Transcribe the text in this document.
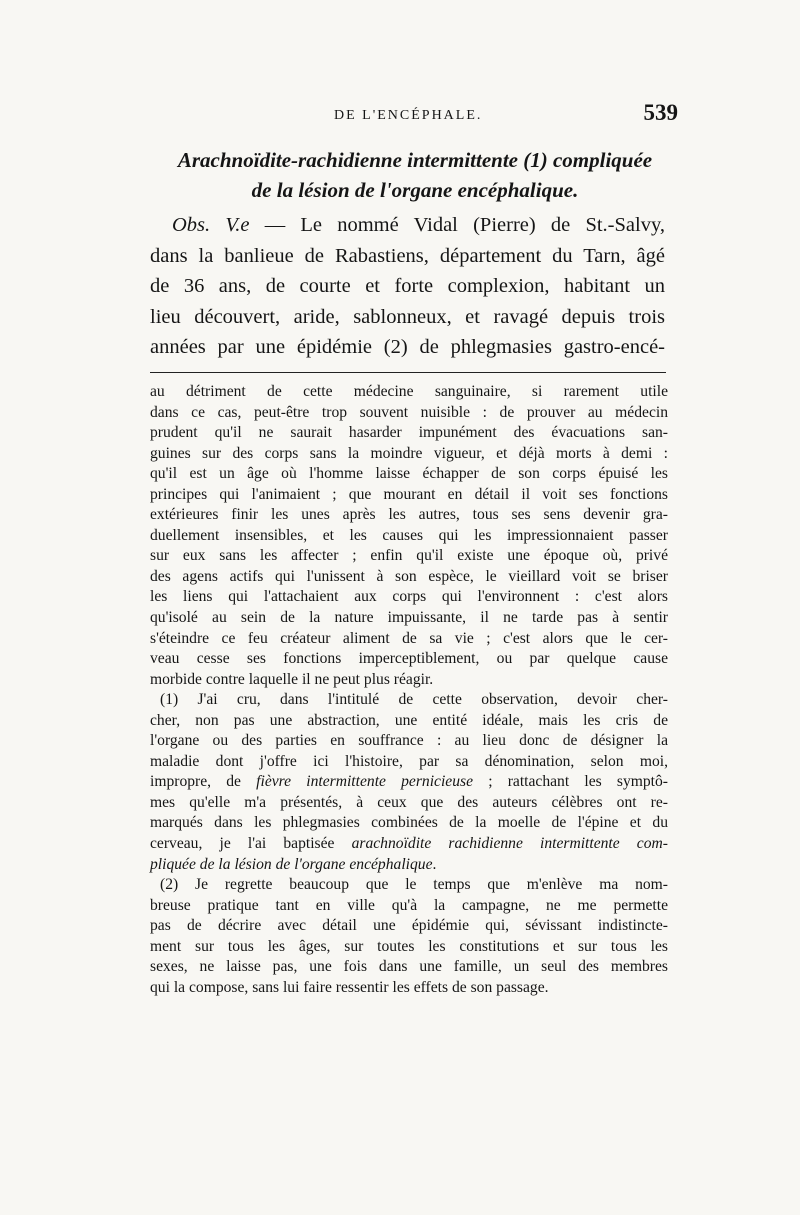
DE L'ENCÉPHALE.	539
Arachnoïdite-rachidienne intermittente (1) compliquée
de la lésion de l'organe encéphalique.
Obs. V.e — Le nommé Vidal (Pierre) de St.-Salvy,
dans la banlieue de Rabastiens, département du Tarn, âgé
de 36 ans, de courte et forte complexion, habitant un
lieu découvert, aride, sablonneux, et ravagé depuis trois
années par une épidémie (2) de phlegmasies gastro-encé-
au détriment de cette médecine sanguinaire, si rarement utile
dans ce cas, peut-être trop souvent nuisible : de prouver au médecin
prudent qu'il ne saurait hasarder impunément des évacuations san-
guines sur des corps sans la moindre vigueur, et déjà morts à demi :
qu'il est un âge où l'homme laisse échapper de son corps épuisé les
principes qui l'animaient ; que mourant en détail il voit ses fonctions
extérieures finir les unes après les autres, tous ses sens devenir gra-
duellement insensibles, et les causes qui les impressionnaient passer
sur eux sans les affecter ; enfin qu'il existe une époque où, privé
des agens actifs qui l'unissent à son espèce, le vieillard voit se briser
les liens qui l'attachaient aux corps qui l'environnent : c'est alors
qu'isolé au sein de la nature impuissante, il ne tarde pas à sentir
s'éteindre ce feu créateur aliment de sa vie ; c'est alors que le cer-
veau cesse ses fonctions imperceptiblement, ou par quelque cause
morbide contre laquelle il ne peut plus réagir.
(1) J'ai cru, dans l'intitulé de cette observation, devoir cher-
cher, non pas une abstraction, une entité idéale, mais les cris de
l'organe ou des parties en souffrance : au lieu donc de désigner la
maladie dont j'offre ici l'histoire, par sa dénomination, selon moi,
impropre, de fièvre intermittente pernicieuse ; rattachant les symptô-
mes qu'elle m'a présentés, à ceux que des auteurs célèbres ont re-
marqués dans les phlegmasies combinées de la moelle de l'épine et du
cerveau, je l'ai baptisée arachnoïdite rachidienne intermittente com-
pliquée de la lésion de l'organe encéphalique.
(2) Je regrette beaucoup que le temps que m'enlève ma nom-
breuse pratique tant en ville qu'à la campagne, ne me permette
pas de décrire avec détail une épidémie qui, sévissant indistincte-
ment sur tous les âges, sur toutes les constitutions et sur tous les
sexes, ne laisse pas, une fois dans une famille, un seul des membres
qui la compose, sans lui faire ressentir les effets de son passage.
